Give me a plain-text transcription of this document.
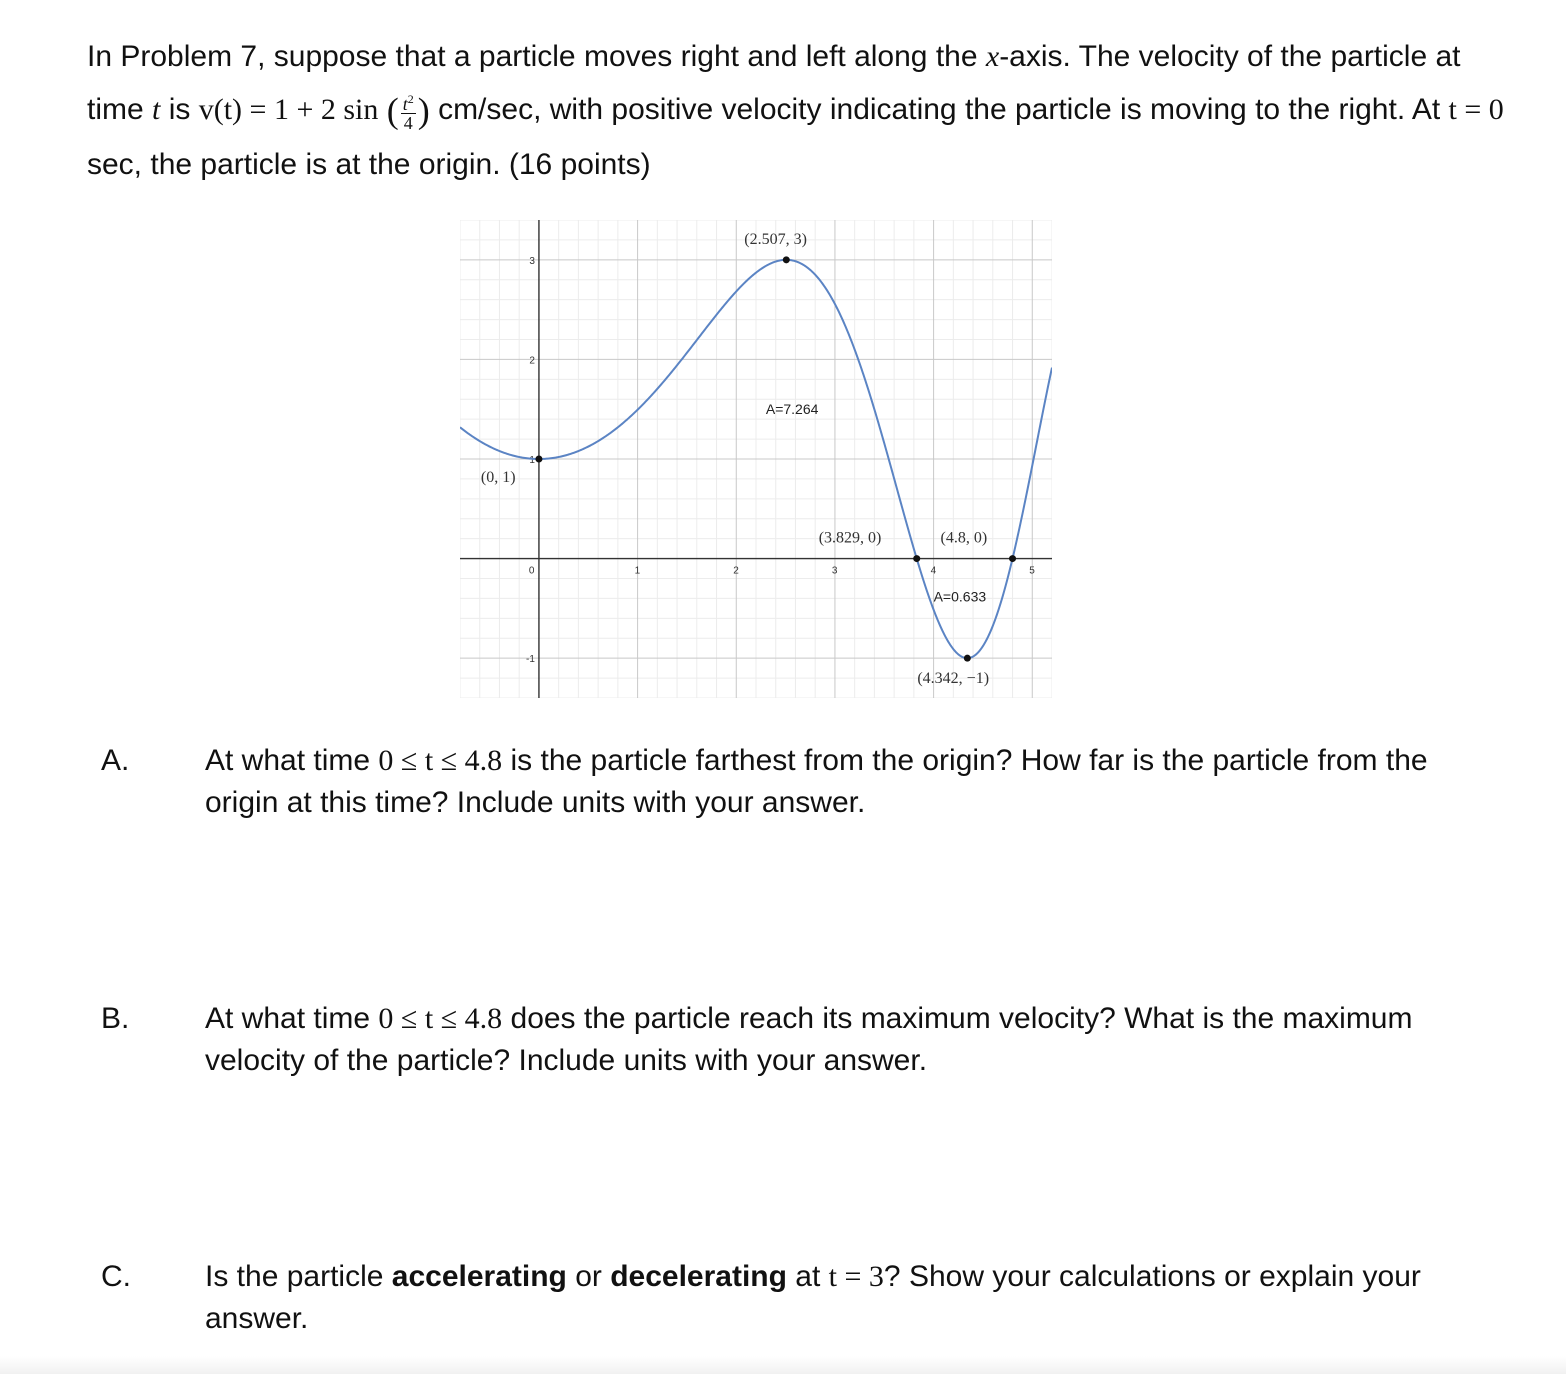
In Problem 7, suppose that a particle moves right and left along the x-axis. The velocity of the particle at time t is v(t) = 1 + 2 sin ( $\frac{t^2}{4}$ ) cm/sec, with positive velocity indicating the particle is moving to the right. At t = 0 sec, the particle is at the origin. (16 points)

0	1	2	3	4	5
-1
1
2
3
(0, 1)
(2.507, 3)
(3.829, 0)	(4.8, 0)
(4.342, −1)
A=7.264
A=0.633
A.	At what time 0 ≤ t ≤ 4.8 is the particle farthest from the origin? How far is the particle from the origin at this time? Include units with your answer.
B.	At what time 0 ≤ t ≤ 4.8 does the particle reach its maximum velocity? What is the maximum velocity of the particle? Include units with your answer.
C. Is the particle accelerating or decelerating at t = 3? Show your calculations or explain your answer.
